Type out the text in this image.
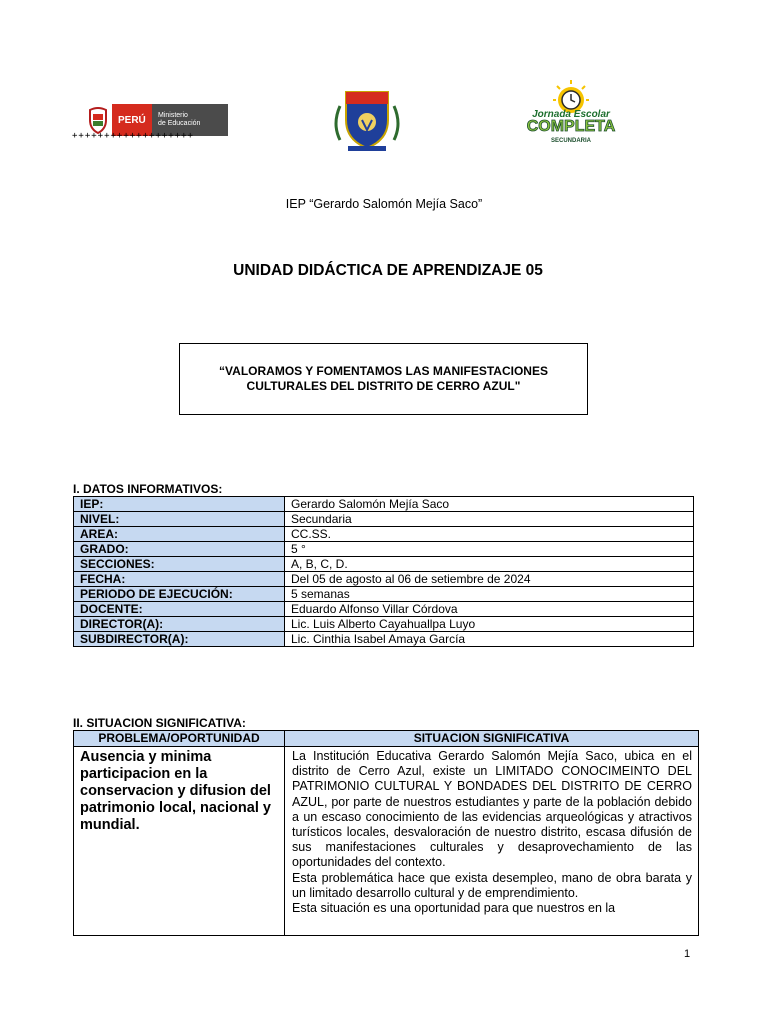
PERÚ	Ministerio
de Educación
+++++++++++++++++++
Jornada Escolar
COMPLETA
SECUNDARIA
IEP “Gerardo Salomón Mejía Saco”
UNIDAD DIDÁCTICA DE APRENDIZAJE 05
“VALORAMOS Y FOMENTAMOS LAS MANIFESTACIONES CULTURALES DEL DISTRITO DE CERRO AZUL"
I. DATOS INFORMATIVOS:
IEP:	Gerardo Salomón Mejía Saco
NIVEL:	Secundaria
AREA:	CC.SS.
GRADO:	5 °
SECCIONES:	A, B, C, D.
FECHA:	Del 05 de agosto al 06 de setiembre de 2024
PERIODO DE EJECUCIÓN:	5 semanas
DOCENTE:	Eduardo Alfonso Villar Córdova
DIRECTOR(A):	Lic. Luis Alberto Cayahuallpa Luyo
SUBDIRECTOR(A):	Lic. Cinthia Isabel Amaya García
II. SITUACION SIGNIFICATIVA:
PROBLEMA/OPORTUNIDAD	SITUACION SIGNIFICATIVA
Ausencia y minima participacion en la conservacion y difusion del patrimonio local, nacional y mundial.	La Institución Educativa Gerardo Salomón Mejía Saco, ubica en el distrito de Cerro Azul, existe un LIMITADO CONOCIMEINTO DEL PATRIMONIO CULTURAL Y BONDADES DEL DISTRITO DE CERRO AZUL, por parte de nuestros estudiantes y parte de la población debido a un escaso conocimiento de las evidencias arqueológicas y atractivos turísticos locales, desvaloración de nuestro distrito, escasa difusión de sus manifestaciones culturales y desaprovechamiento de las oportunidades del contexto.

Esta problemática hace que exista desempleo, mano de obra barata y un limitado desarrollo cultural y de emprendimiento.

Esta situación es una oportunidad para que nuestros en la

1
